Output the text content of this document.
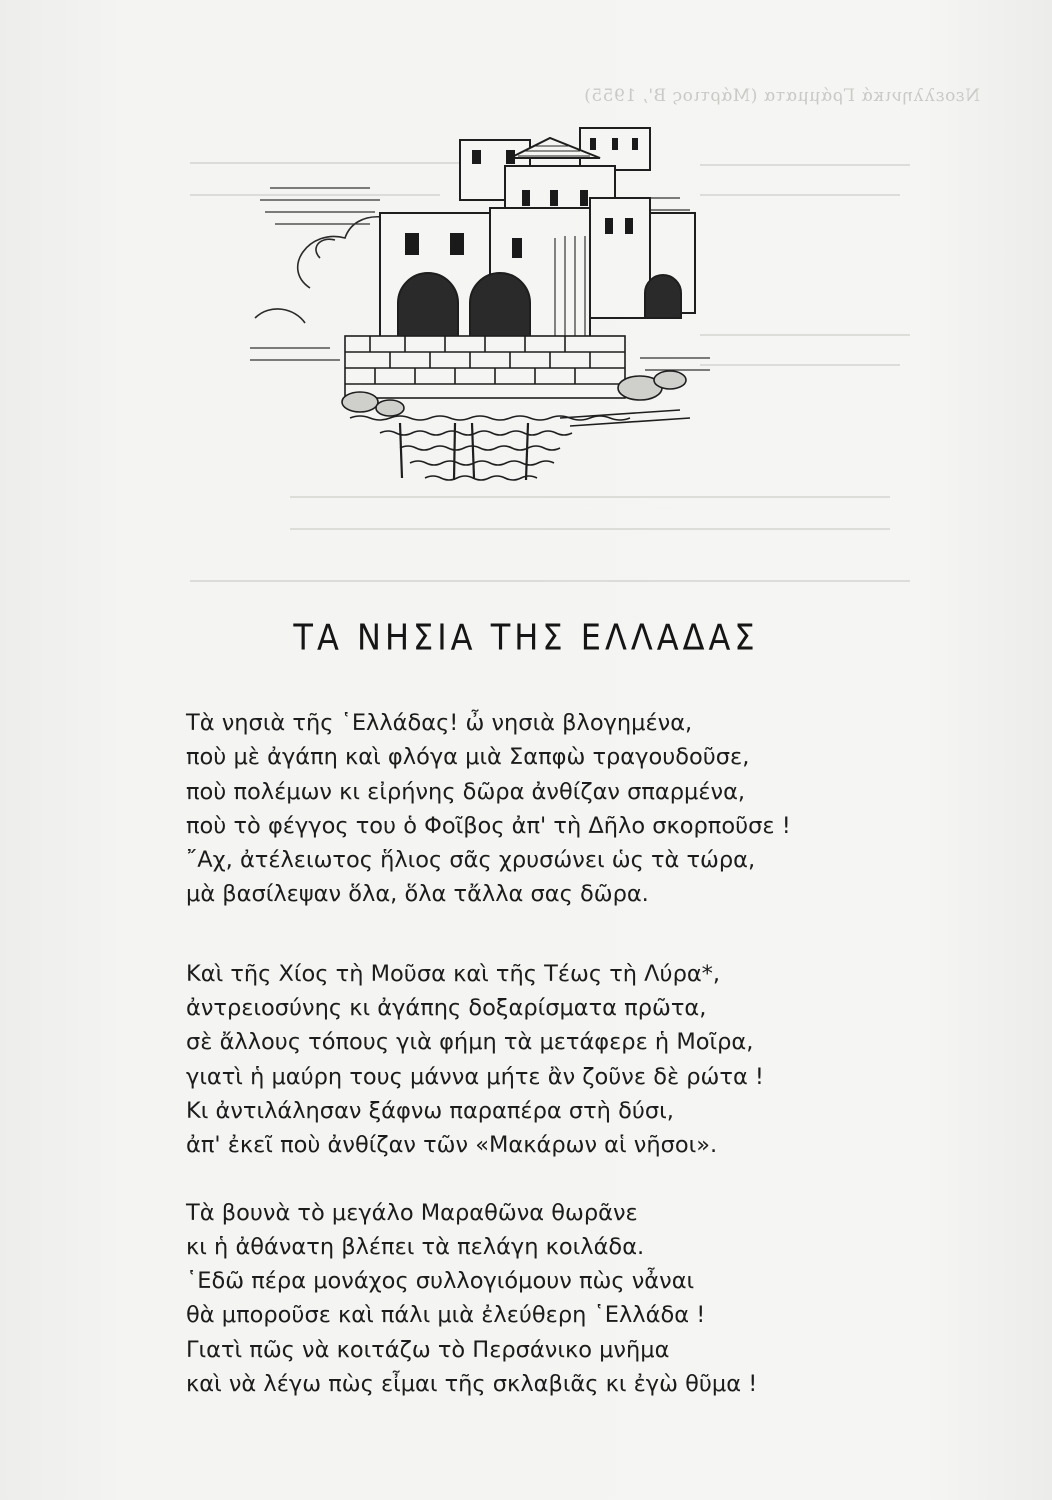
Νεοελληνικά Γράμματα (Μάρτιος Β', 1955)
ΤΑ ΝΗΣΙΑ ΤΗΣ ΕΛΛΑΔΑΣ
Τὰ νησιὰ τῆς ῾Ελλάδας! ὦ νησιὰ βλογημένα,
ποὺ μὲ ἀγάπη καὶ φλόγα μιὰ Σαπφὼ τραγουδοῦσε,
ποὺ πολέμων κι εἰρήνης δῶρα ἀνθίζαν σπαρμένα,
ποὺ τὸ φέγγος του ὁ Φοῖβος ἀπ' τὴ Δῆλο σκορποῦσε !
῎Αχ, ἀτέλειωτος ἥλιος σᾶς χρυσώνει ὡς τὰ τώρα,
μὰ βασίλεψαν ὅλα, ὅλα τἄλλα σας δῶρα.
Καὶ τῆς Χίος τὴ Μοῦσα καὶ τῆς Τέως τὴ Λύρα*,
ἀντρειοσύνης κι ἀγάπης δοξαρίσματα πρῶτα,
σὲ ἄλλους τόπους γιὰ φήμη τὰ μετάφερε ἡ Μοῖρα,
γιατὶ ἡ μαύρη τους μάννα μήτε ἂν ζοῦνε δὲ ρώτα !
Κι ἀντιλάλησαν ξάφνω παραπέρα στὴ δύσι,
ἀπ' ἐκεῖ ποὺ ἀνθίζαν τῶν «Μακάρων αἱ νῆσοι».
Τὰ βουνὰ τὸ μεγάλο Μαραθῶνα θωρᾶνε
κι ἡ ἀθάνατη βλέπει τὰ πελάγη κοιλάδα.
῾Εδῶ πέρα μονάχος συλλογιόμουν πὼς νἆναι
θὰ μποροῦσε καὶ πάλι μιὰ ἐλεύθερη ῾Ελλάδα !
Γιατὶ πῶς νὰ κοιτάζω τὸ Περσάνικο μνῆμα
καὶ νὰ λέγω πὼς εἶμαι τῆς σκλαβιᾶς κι ἐγὼ θῦμα !
